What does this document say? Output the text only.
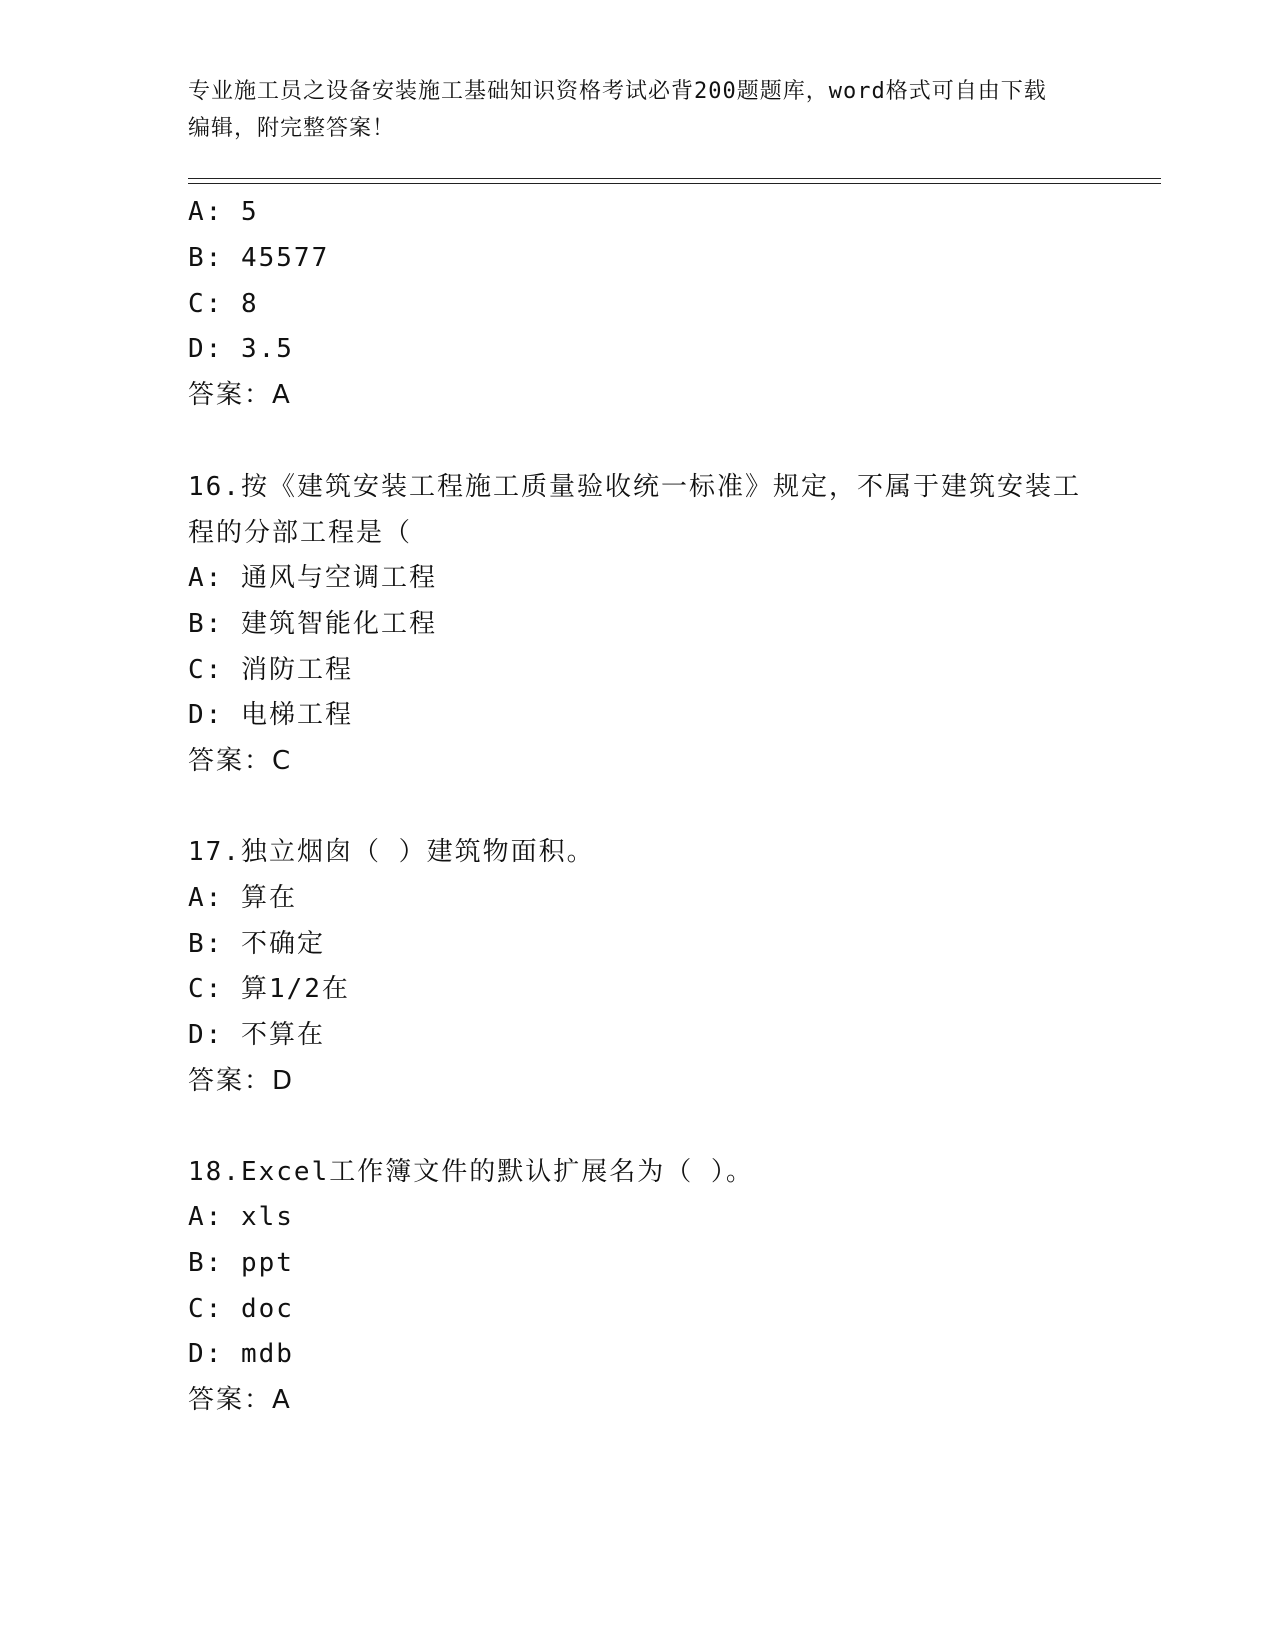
专业施工员之设备安装施工基础知识资格考试必背200题题库，word格式可自由下载编辑，附完整答案！
A: 5
B: 45577
C: 8
D: 3.5
答案：A
16.按《建筑安装工程施工质量验收统一标准》规定，不属于建筑安装工程的分部工程是（
A: 通风与空调工程
B: 建筑智能化工程
C: 消防工程
D: 电梯工程
答案：C
17.独立烟囱（ ）建筑物面积。
A: 算在
B: 不确定
C: 算1/2在
D: 不算在
答案：D
18.Excel工作簿文件的默认扩展名为（ ）。
A: xls
B: ppt
C: doc
D: mdb
答案：A
